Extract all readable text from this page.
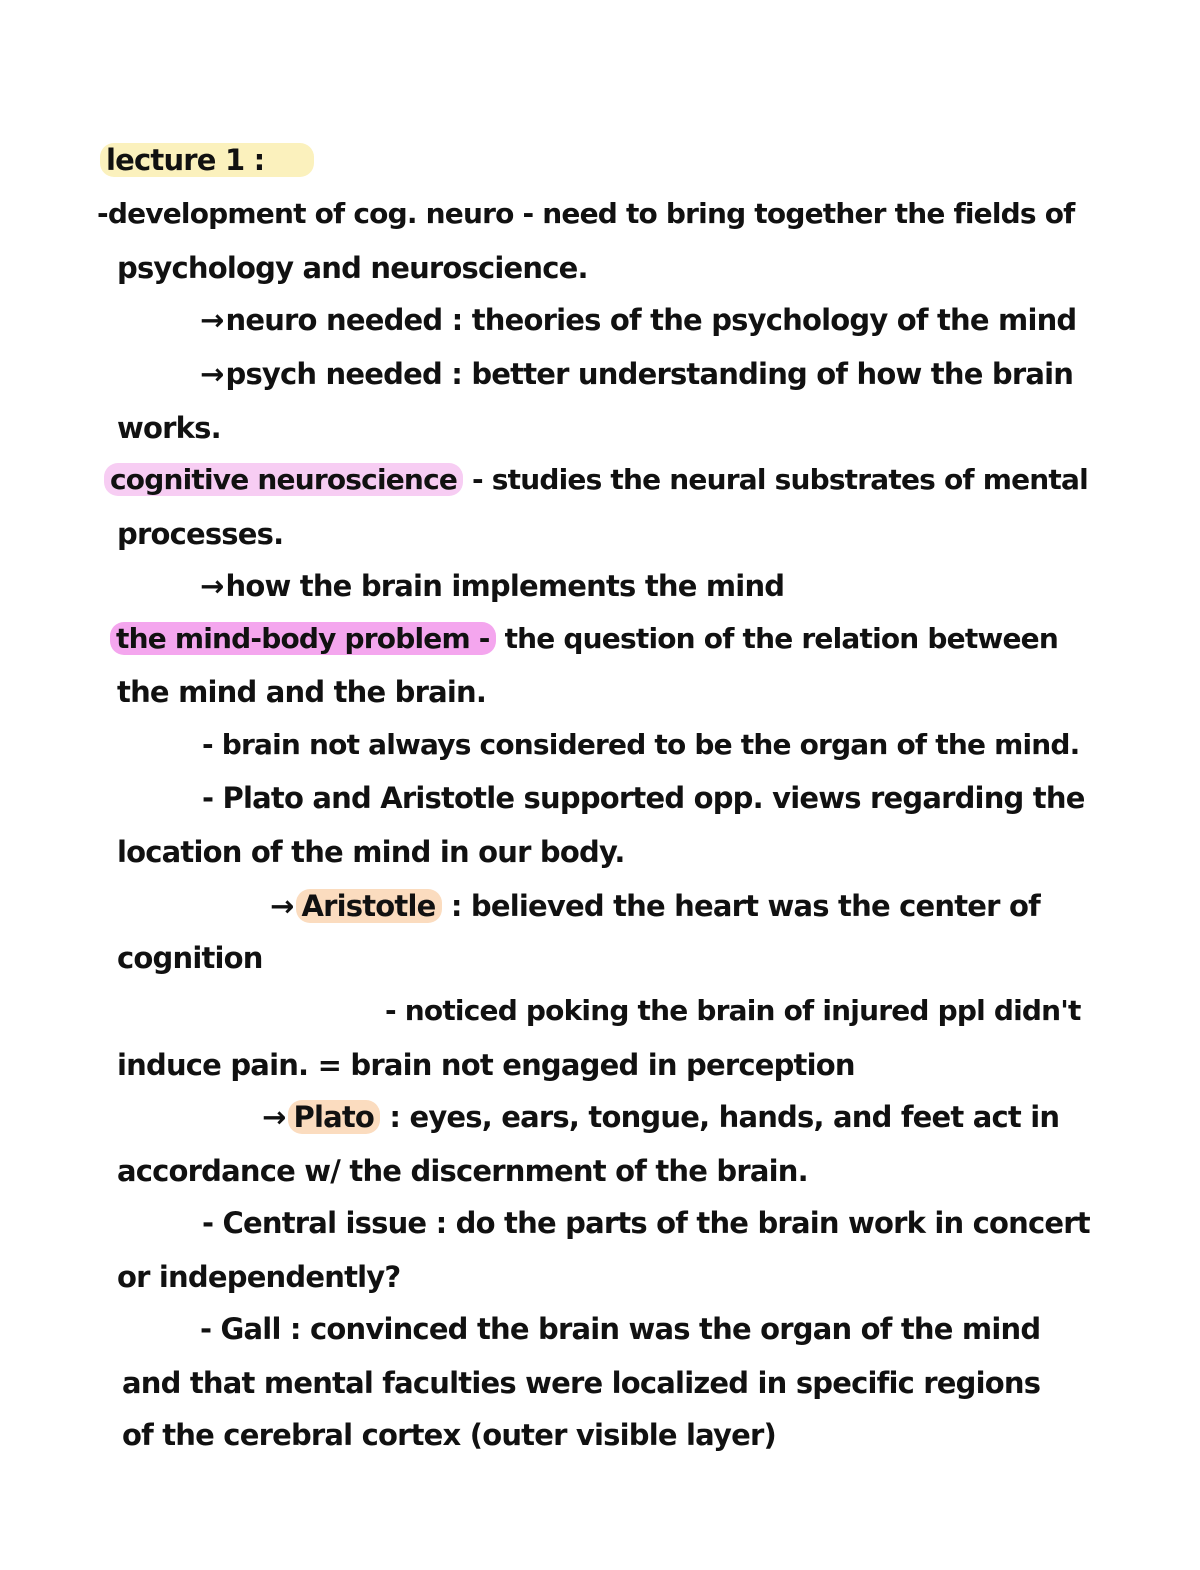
lecture 1 :
-development of cog. neuro - need to bring together the fields of
psychology and neuroscience.
→neuro needed : theories of the psychology of the mind
→psych needed : better understanding of how the brain
works.
cognitive neuroscience - studies the neural substrates of mental
processes.
→how the brain implements the mind
the mind-body problem - the question of the relation between
the mind and the brain.
- brain not always considered to be the organ of the mind.
- Plato and Aristotle supported opp. views regarding the
location of the mind in our body.
→ Aristotle : believed the heart was the center of
cognition
- noticed poking the brain of injured ppl didn't
induce pain. = brain not engaged in perception
→ Plato : eyes, ears, tongue, hands, and feet act in
accordance w/ the discernment of the brain.
- Central issue : do the parts of the brain work in concert
or independently?
- Gall : convinced the brain was the organ of the mind
and that mental faculties were localized in specific regions
of the cerebral cortex (outer visible layer)
